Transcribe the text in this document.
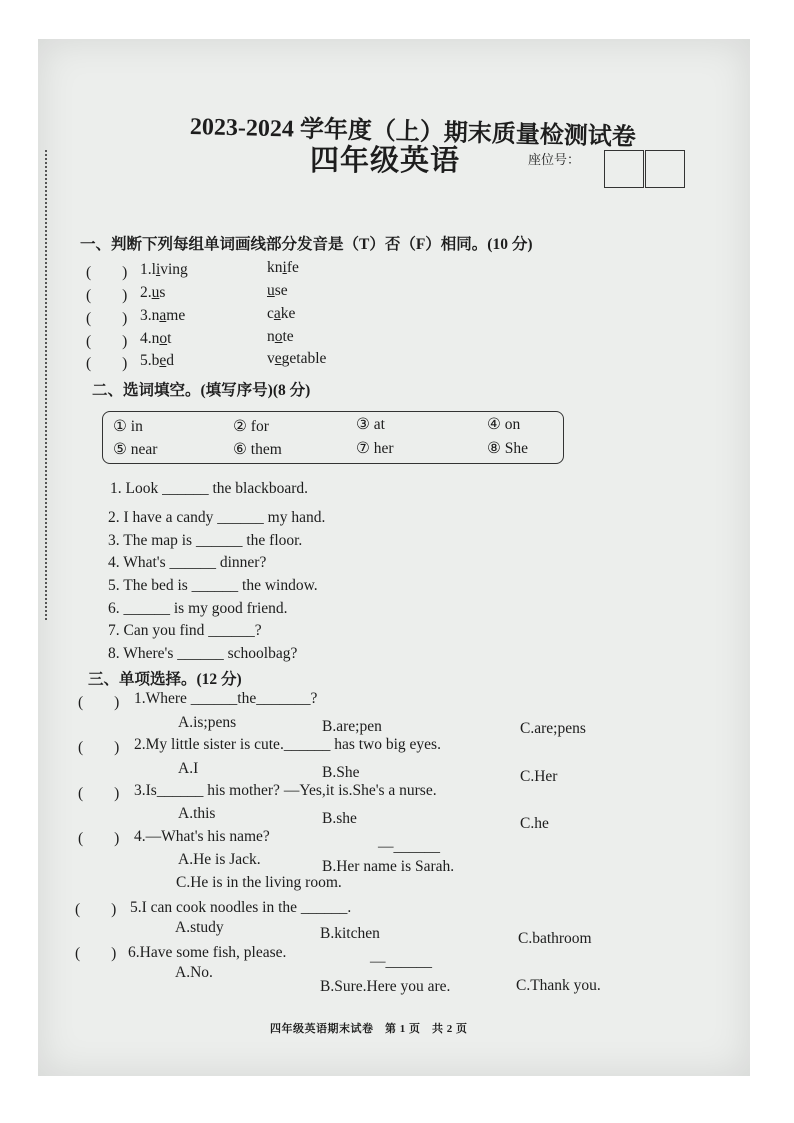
2023-2024 学年度（上）期末质量检测试卷
四年级英语	座位号：
一、判断下列每组单词画线部分发音是（T）否（F）相同。(10 分)
(　　) 1.living	knife
(　　) 2.us	use
(　　) 3.name	cake
(　　) 4.not	note
(　　) 5.bed	vegetable
二、选词填空。(填写序号)(8 分)
① in	② for	③ at	④ on
⑤ near	⑥ them	⑦ her	⑧ She
1. Look ______ the blackboard.
2. I have a candy ______ my hand.
3. The map is ______ the floor.
4. What's ______ dinner?
5. The bed is ______ the window.
6. ______ is my good friend.
7. Can you find ______?
8. Where's ______ schoolbag?
三、单项选择。(12 分)
(　　) 1.Where ______the_______?
A.is;pens	B.are;pen	C.are;pens
(　　) 2.My little sister is cute.______ has two big eyes.
A.I	B.She	C.Her
(　　) 3.Is______ his mother? —Yes,it is.She's a nurse.
A.this	B.she	C.he
(　　) 4.—What's his name?
—______
A.He is Jack.	B.Her name is Sarah.
C.He is in the living room.
(　　) 5.I can cook noodles in the ______.
A.study	B.kitchen	C.bathroom
(　　) 6.Have some fish, please.
—______
A.No.
B.Sure.Here you are.	C.Thank you.
四年级英语期末试卷　第 1 页　共 2 页
